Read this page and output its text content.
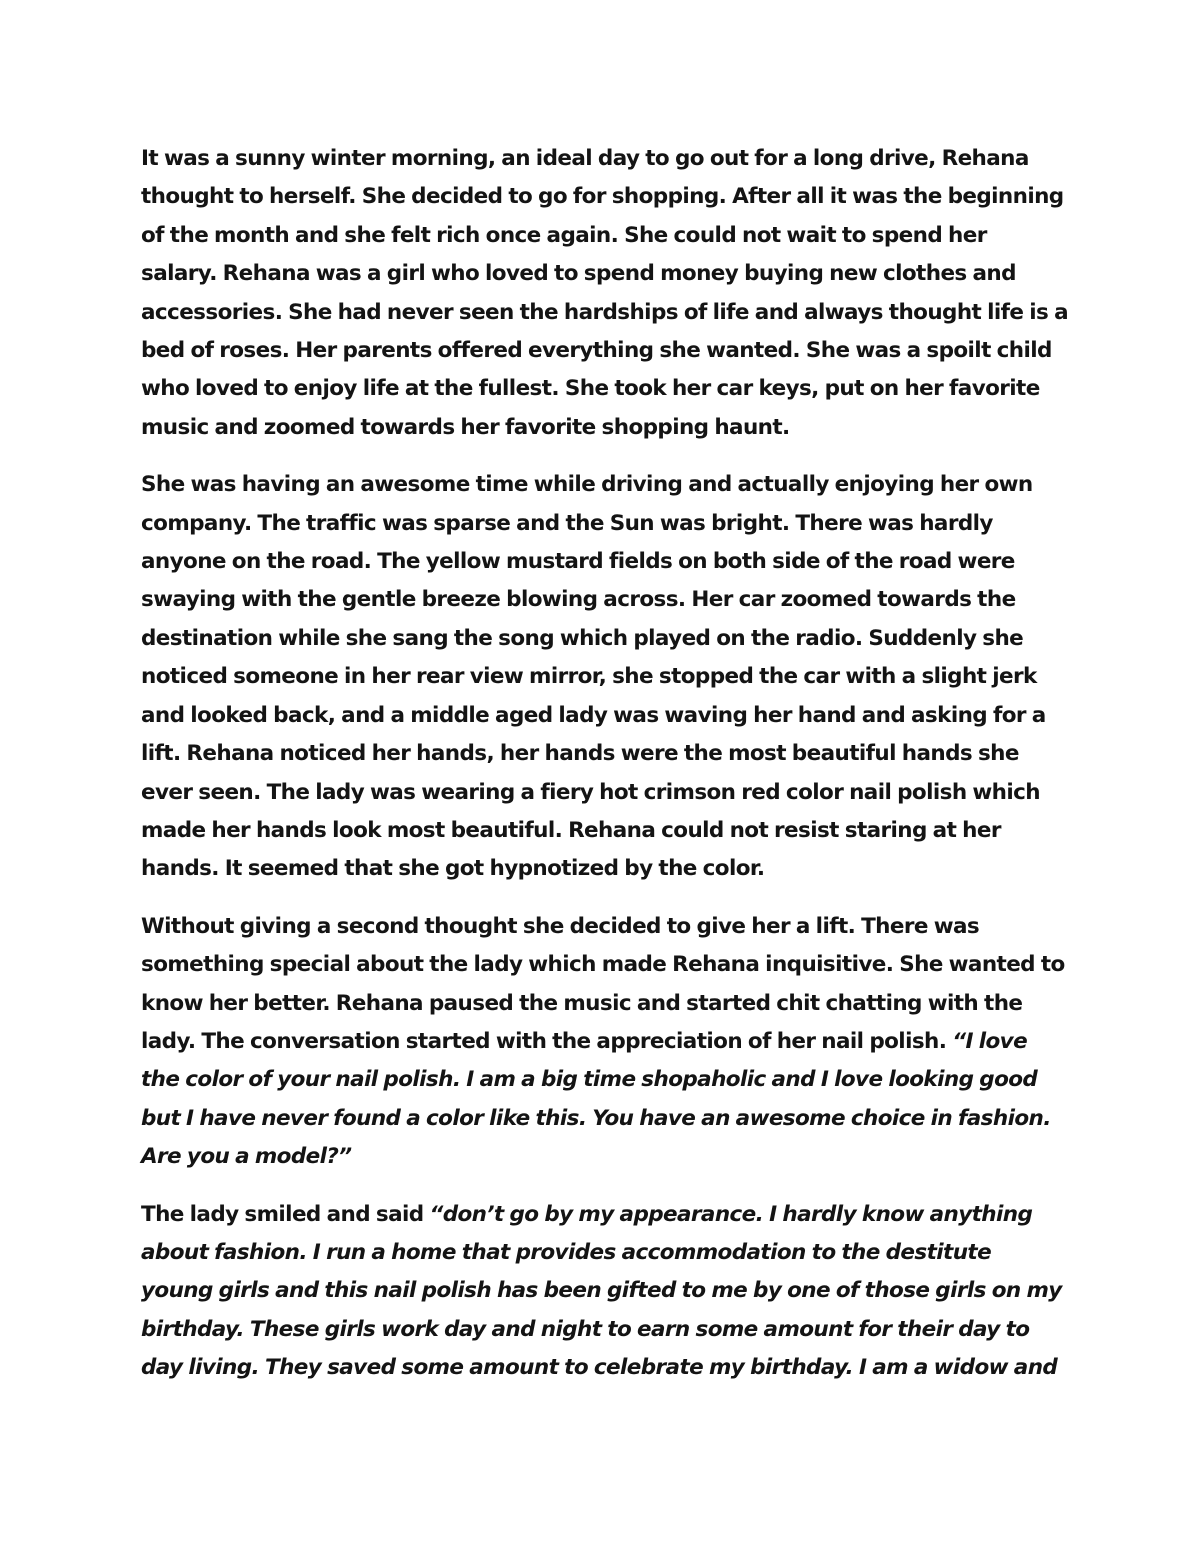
It was a sunny winter morning, an ideal day to go out for a long drive, Rehana
thought to herself. She decided to go for shopping. After all it was the beginning
of the month and she felt rich once again. She could not wait to spend her
salary. Rehana was a girl who loved to spend money buying new clothes and
accessories. She had never seen the hardships of life and always thought life is a
bed of roses. Her parents offered everything she wanted. She was a spoilt child
who loved to enjoy life at the fullest. She took her car keys, put on her favorite
music and zoomed towards her favorite shopping haunt.

She was having an awesome time while driving and actually enjoying her own
company. The traffic was sparse and the Sun was bright. There was hardly
anyone on the road. The yellow mustard fields on both side of the road were
swaying with the gentle breeze blowing across. Her car zoomed towards the
destination while she sang the song which played on the radio. Suddenly she
noticed someone in her rear view mirror, she stopped the car with a slight jerk
and looked back, and a middle aged lady was waving her hand and asking for a
lift. Rehana noticed her hands, her hands were the most beautiful hands she
ever seen. The lady was wearing a fiery hot crimson red color nail polish which
made her hands look most beautiful. Rehana could not resist staring at her
hands. It seemed that she got hypnotized by the color.

Without giving a second thought she decided to give her a lift. There was
something special about the lady which made Rehana inquisitive. She wanted to
know her better. Rehana paused the music and started chit chatting with the
lady. The conversation started with the appreciation of her nail polish. “I love
the color of your nail polish. I am a big time shopaholic and I love looking good
but I have never found a color like this. You have an awesome choice in fashion.
Are you a model?”

The lady smiled and said “don’t go by my appearance. I hardly know anything
about fashion. I run a home that provides accommodation to the destitute
young girls and this nail polish has been gifted to me by one of those girls on my
birthday. These girls work day and night to earn some amount for their day to
day living. They saved some amount to celebrate my birthday. I am a widow and
